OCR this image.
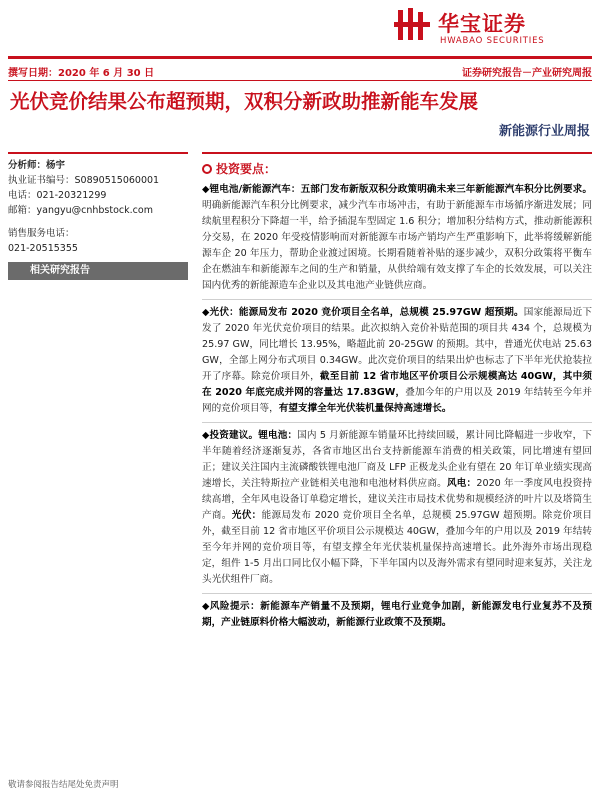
华宝证券
HWABAO SECURITIES
撰写日期：2020 年 6 月 30 日	证券研究报告－产业研究周报
光伏竞价结果公布超预期，双积分新政助推新能车发展
新能源行业周报
分析师：杨宇
执业证书编号：S0890515060001
电话：021-20321299
邮箱：yangyu@cnhbstock.com
销售服务电话：
021-20515355
相关研究报告
投资要点：

◆锂电池/新能源汽车：五部门发布新版双积分政策明确未来三年新能源汽车积分比例要求。明确新能源汽车积分比例要求，减少汽车市场冲击，有助于新能源车市场循序渐进发展；同续航里程积分下降超一半，给予插混车型固定 1.6 积分；增加积分结构方式，推动新能源积分交易，在 2020 年受疫情影响而对新能源车市场产销均产生严重影响下，此举将缓解新能源车企 20 年压力，帮助企业渡过困境。长期看随着补贴的逐步减少，双积分政策将平衡车企在燃油车和新能源车之间的生产和销量，从供给端有效支撑了车企的长效发展，可以关注国内优秀的新能源造车企业以及其电池产业链供应商。

◆光伏：能源局发布 2020 竞价项目全名单，总规模 25.97GW 超预期。国家能源局近下发了 2020 年光伏竞价项目的结果。此次拟纳入竞价补贴范围的项目共 434 个，总规模为 25.97 GW，同比增长 13.95%，略超此前 20-25GW 的预期。其中，普通光伏电站 25.63 GW，全部上网分布式项目 0.34GW。此次竞价项目的结果出炉也标志了下半年光伏抢装拉开了序幕。除竞价项目外，截至目前 12 省市地区平价项目公示规模高达 40GW，其中须在 2020 年底完成并网的容量达 17.83GW，叠加今年的户用以及 2019 年结转至今年并网的竞价项目等，有望支撑全年光伏装机量保持高速增长。

◆投资建议。锂电池：国内 5 月新能源车销量环比持续回暖，累计同比降幅进一步收窄，下半年随着经济逐渐复苏，各省市地区出台支持新能源车消费的相关政策，同比增速有望回正；建议关注国内主流磷酸铁锂电池厂商及 LFP 正极龙头企业有望在 20 年订单业绩实现高速增长，关注特斯拉产业链相关电池和电池材料供应商。风电：2020 年一季度风电投资持续高增，全年风电设备订单稳定增长，建议关注市局技术优势和规模经济的叶片以及塔筒生产商。光伏：能源局发布 2020 竞价项目全名单，总规模 25.97GW 超预期。除竞价项目外，截至目前 12 省市地区平价项目公示规模达 40GW，叠加今年的户用以及 2019 年结转至今年并网的竞价项目等，有望支撑全年光伏装机量保持高速增长。此外海外市场出现稳定，组件 1-5 月出口同比仅小幅下降，下半年国内以及海外需求有望同时迎来复苏，关注龙头光伏组件厂商。

◆风险提示：新能源车产销量不及预期，锂电行业竞争加剧，新能源发电行业复苏不及预期，产业链原料价格大幅波动，新能源行业政策不及预期。

敬请参阅报告结尾处免责声明
